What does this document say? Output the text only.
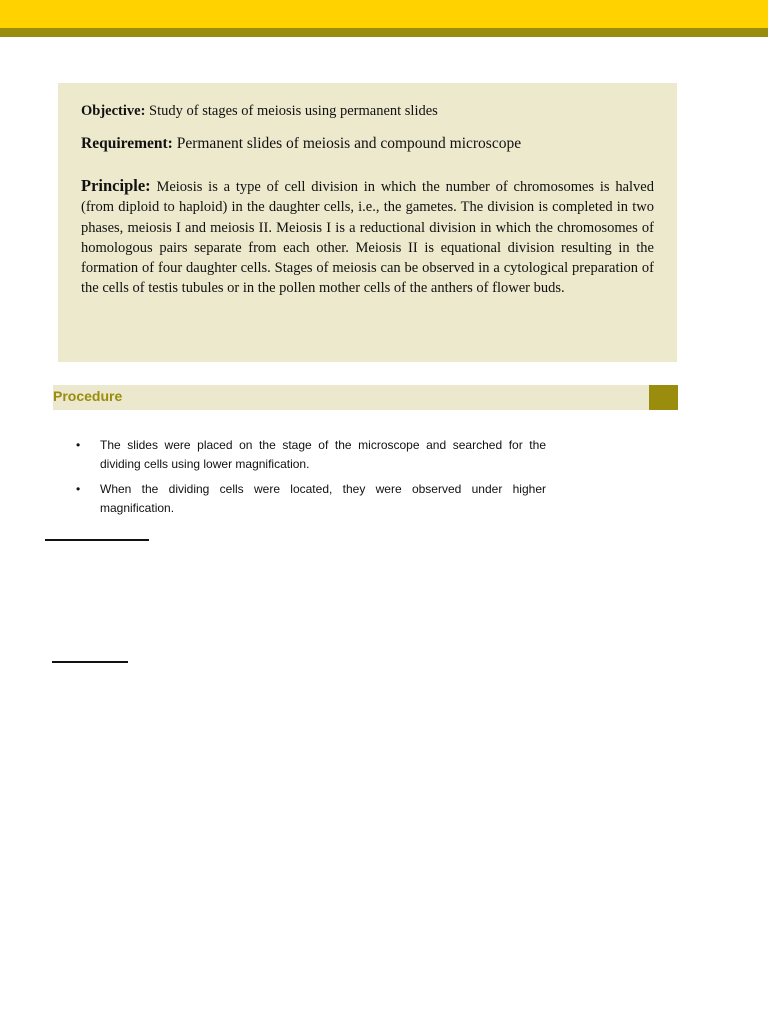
Objective: Study of stages of meiosis using permanent slides

Requirement: Permanent slides of meiosis and compound microscope

Principle: Meiosis is a type of cell division in which the number of chromosomes is halved (from diploid to haploid) in the daughter cells, i.e., the gametes. The division is completed in two phases, meiosis I and meiosis II. Meiosis I is a reductional division in which the chromosomes of homologous pairs separate from each other. Meiosis II is equational division resulting in the formation of four daughter cells. Stages of meiosis can be observed in a cytological preparation of the cells of testis tubules or in the pollen mother cells of the anthers of flower buds.

Procedure
• The slides were placed on the stage of the microscope and searched for the dividing cells using lower magnification.
• When the dividing cells were located, they were observed under higher magnification.
